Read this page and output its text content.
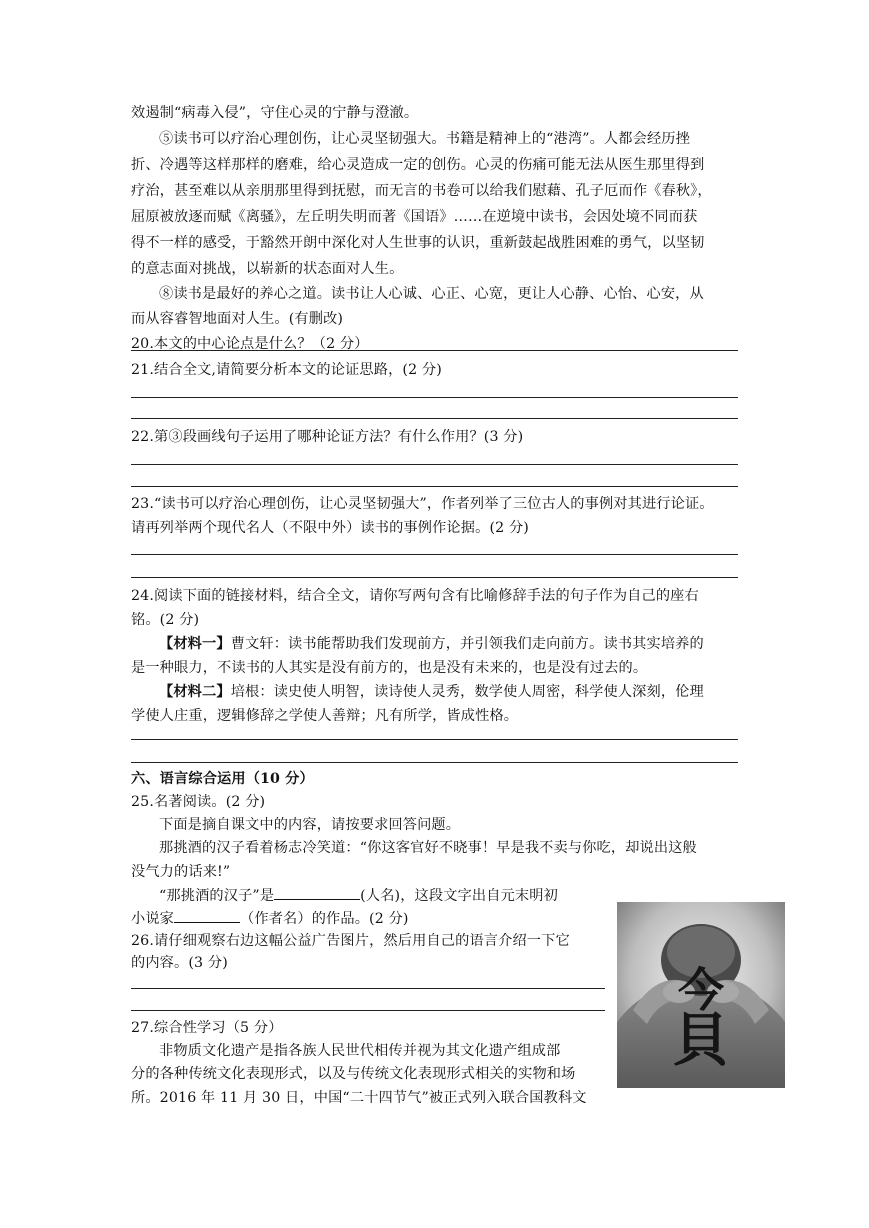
效遏制“病毒入侵”，守住心灵的宁静与澄澈。
⑤读书可以疗治心理创伤，让心灵坚韧强大。书籍是精神上的“港湾”。人都会经历挫
折、冷遇等这样那样的磨难，给心灵造成一定的创伤。心灵的伤痛可能无法从医生那里得到
疗治，甚至难以从亲朋那里得到抚慰，而无言的书卷可以给我们慰藉、孔子厄而作《春秋》，
屈原被放逐而赋《离骚》，左丘明失明而著《国语》……在逆境中读书，会因处境不同而获
得不一样的感受，于豁然开朗中深化对人生世事的认识，重新鼓起战胜困难的勇气，以坚韧
的意志面对挑战，以崭新的状态面对人生。
⑧读书是最好的养心之道。读书让人心诚、心正、心宽，更让人心静、心怡、心安，从
而从容睿智地面对人生。(有删改)
20.本文的中心论点是什么？（2 分）
21.结合全文,请简要分析本文的论证思路，(2 分)
22.第③段画线句子运用了哪种论证方法？有什么作用？(3 分)
23.“读书可以疗治心理创伤，让心灵坚韧强大”，作者列举了三位古人的事例对其进行论证。
请再列举两个现代名人（不限中外）读书的事例作论据。(2 分)
24.阅读下面的链接材料，结合全文，请你写两句含有比喻修辞手法的句子作为自己的座右
铭。(2 分)
【材料一】曹文轩：读书能帮助我们发现前方，并引领我们走向前方。读书其实培养的
是一种眼力，不读书的人其实是没有前方的，也是没有未来的，也是没有过去的。
【材料二】培根：读史使人明智，读诗使人灵秀，数学使人周密，科学使人深刻，伦理
学使人庄重，逻辑修辞之学使人善辩；凡有所学，皆成性格。
六、语言综合运用（10 分）
25.名著阅读。(2 分)
下面是摘自课文中的内容，请按要求回答问题。
那挑酒的汉子看着杨志冷笑道：“你这客官好不晓事！早是我不卖与你吃，却说出这般
没气力的话来!”
“那挑酒的汉子”是	(人名)，这段文字出自元末明初
小说家	（作者名）的作品。(2 分)
26.请仔细观察右边这幅公益广告图片，然后用自己的语言介绍一下它
的内容。(3 分)
27.综合性学习（5 分）
非物质文化遗产是指各族人民世代相传并视为其文化遗产组成部
分的各种传统文化表现形式，以及与传统文化表现形式相关的实物和场
所。2016 年 11 月 30 日，中国“二十四节气”被正式列入联合国教科文
今
貝
